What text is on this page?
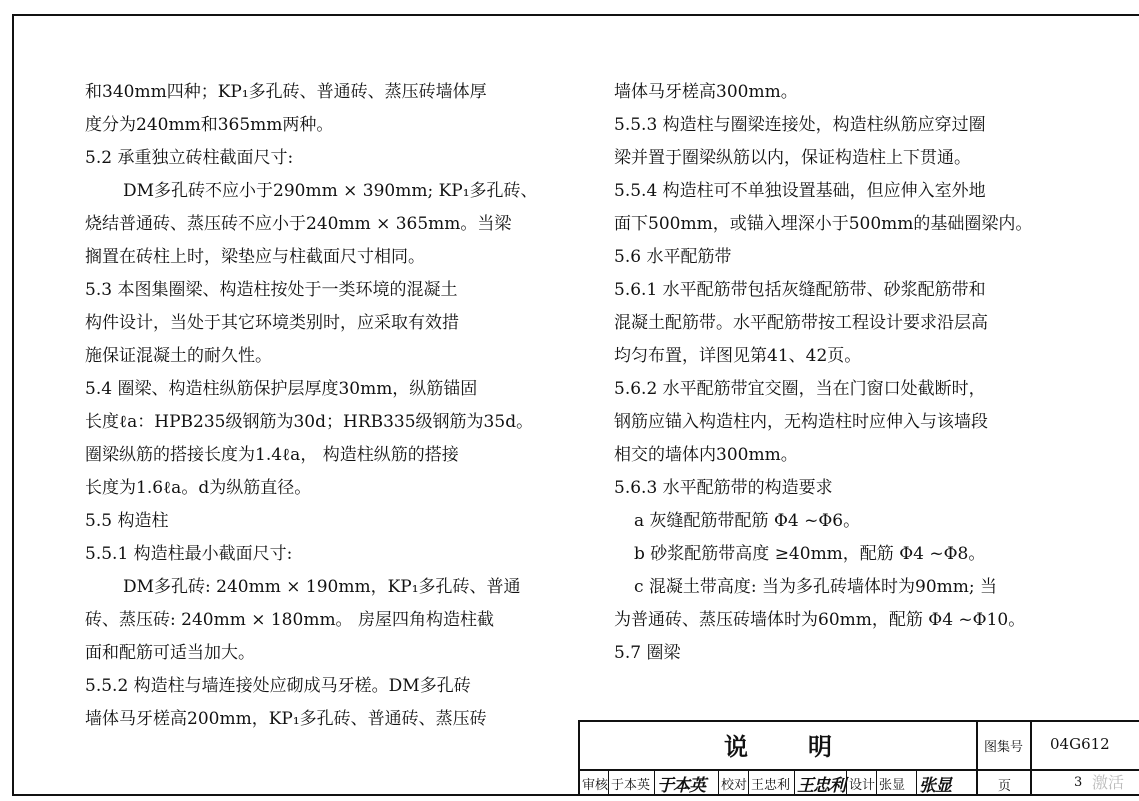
和340mm四种；KP₁多孔砖、普通砖、蒸压砖墙体厚
度分为240mm和365mm两种。
5.2 承重独立砖柱截面尺寸:
DM多孔砖不应小于290mm × 390mm; KP₁多孔砖、
烧结普通砖、蒸压砖不应小于240mm × 365mm。当梁
搁置在砖柱上时，梁垫应与柱截面尺寸相同。
5.3 本图集圈梁、构造柱按处于一类环境的混凝土
构件设计，当处于其它环境类别时，应采取有效措
施保证混凝土的耐久性。
5.4 圈梁、构造柱纵筋保护层厚度30mm，纵筋锚固
长度ℓa：HPB235级钢筋为30d；HRB335级钢筋为35d。
圈梁纵筋的搭接长度为1.4ℓa， 构造柱纵筋的搭接
长度为1.6ℓa。d为纵筋直径。
5.5 构造柱
5.5.1 构造柱最小截面尺寸:
DM多孔砖: 240mm × 190mm，KP₁多孔砖、普通
砖、蒸压砖: 240mm × 180mm。 房屋四角构造柱截
面和配筋可适当加大。
5.5.2 构造柱与墙连接处应砌成马牙槎。DM多孔砖
墙体马牙槎高200mm，KP₁多孔砖、普通砖、蒸压砖
墙体马牙槎高300mm。
5.5.3 构造柱与圈梁连接处，构造柱纵筋应穿过圈
梁并置于圈梁纵筋以内，保证构造柱上下贯通。
5.5.4 构造柱可不单独设置基础，但应伸入室外地
面下500mm，或锚入埋深小于500mm的基础圈梁内。
5.6 水平配筋带
5.6.1 水平配筋带包括灰缝配筋带、砂浆配筋带和
混凝土配筋带。水平配筋带按工程设计要求沿层高
均匀布置，详图见第41、42页。
5.6.2 水平配筋带宜交圈，当在门窗口处截断时，
钢筋应锚入构造柱内，无构造柱时应伸入与该墙段
相交的墙体内300mm。
5.6.3 水平配筋带的构造要求
a 灰缝配筋带配筋 Φ4 ~Φ6。
b 砂浆配筋带高度 ≥40mm，配筋 Φ4 ~Φ8。
c 混凝土带高度: 当为多孔砖墙体时为90mm; 当
为普通砖、蒸压砖墙体时为60mm，配筋 Φ4 ~Φ10。
5.7 圈梁
说明	图集号 04G612
页	3
审核 于本英 于本英	校对 王忠利 王忠利 设计 张显 张显	激活
